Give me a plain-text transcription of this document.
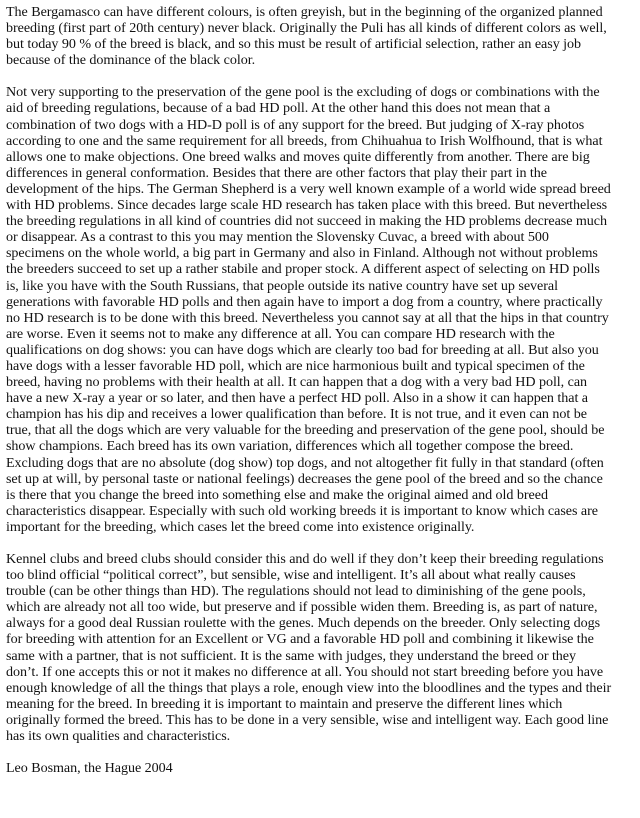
The Bergamasco can have different colours, is often greyish, but in the beginning of the organized planned
breeding (first part of 20th century) never black. Originally the Puli has all kinds of different colors as well,
but today 90 % of the breed is black, and so this must be result of artificial selection, rather an easy job
because of the dominance of the black color.

Not very supporting to the preservation of the gene pool is the excluding of dogs or combinations with the
aid of breeding regulations, because of a bad HD poll. At the other hand this does not mean that a
combination of two dogs with a HD-D poll is of any support for the breed. But judging of X-ray photos
according to one and the same requirement for all breeds, from Chihuahua to Irish Wolfhound, that is what
allows one to make objections. One breed walks and moves quite differently from another. There are big
differences in general conformation. Besides that there are other factors that play their part in the
development of the hips. The German Shepherd is a very well known example of a world wide spread breed
with HD problems. Since decades large scale HD research has taken place with this breed. But nevertheless
the breeding regulations in all kind of countries did not succeed in making the HD problems decrease much
or disappear. As a contrast to this you may mention the Slovensky Cuvac, a breed with about 500
specimens on the whole world, a big part in Germany and also in Finland. Although not without problems
the breeders succeed to set up a rather stabile and proper stock. A different aspect of selecting on HD polls
is, like you have with the South Russians, that people outside its native country have set up several
generations with favorable HD polls and then again have to import a dog from a country, where practically
no HD research is to be done with this breed. Nevertheless you cannot say at all that the hips in that country
are worse. Even it seems not to make any difference at all. You can compare HD research with the
qualifications on dog shows: you can have dogs which are clearly too bad for breeding at all. But also you
have dogs with a lesser favorable HD poll, which are nice harmonious built and typical specimen of the
breed, having no problems with their health at all. It can happen that a dog with a very bad HD poll, can
have a new X-ray a year or so later, and then have a perfect HD poll. Also in a show it can happen that a
champion has his dip and receives a lower qualification than before. It is not true, and it even can not be
true, that all the dogs which are very valuable for the breeding and preservation of the gene pool, should be
show champions. Each breed has its own variation, differences which all together compose the breed.
Excluding dogs that are no absolute (dog show) top dogs, and not altogether fit fully in that standard (often
set up at will, by personal taste or national feelings) decreases the gene pool of the breed and so the chance
is there that you change the breed into something else and make the original aimed and old breed
characteristics disappear. Especially with such old working breeds it is important to know which cases are
important for the breeding, which cases let the breed come into existence originally.

Kennel clubs and breed clubs should consider this and do well if they don’t keep their breeding regulations
too blind official “political correct”, but sensible, wise and intelligent. It’s all about what really causes
trouble (can be other things than HD). The regulations should not lead to diminishing of the gene pools,
which are already not all too wide, but preserve and if possible widen them. Breeding is, as part of nature,
always for a good deal Russian roulette with the genes. Much depends on the breeder. Only selecting dogs
for breeding with attention for an Excellent or VG and a favorable HD poll and combining it likewise the
same with a partner, that is not sufficient. It is the same with judges, they understand the breed or they
don’t. If one accepts this or not it makes no difference at all. You should not start breeding before you have
enough knowledge of all the things that plays a role, enough view into the bloodlines and the types and their
meaning for the breed. In breeding it is important to maintain and preserve the different lines which
originally formed the breed. This has to be done in a very sensible, wise and intelligent way. Each good line
has its own qualities and characteristics.

Leo Bosman, the Hague 2004
